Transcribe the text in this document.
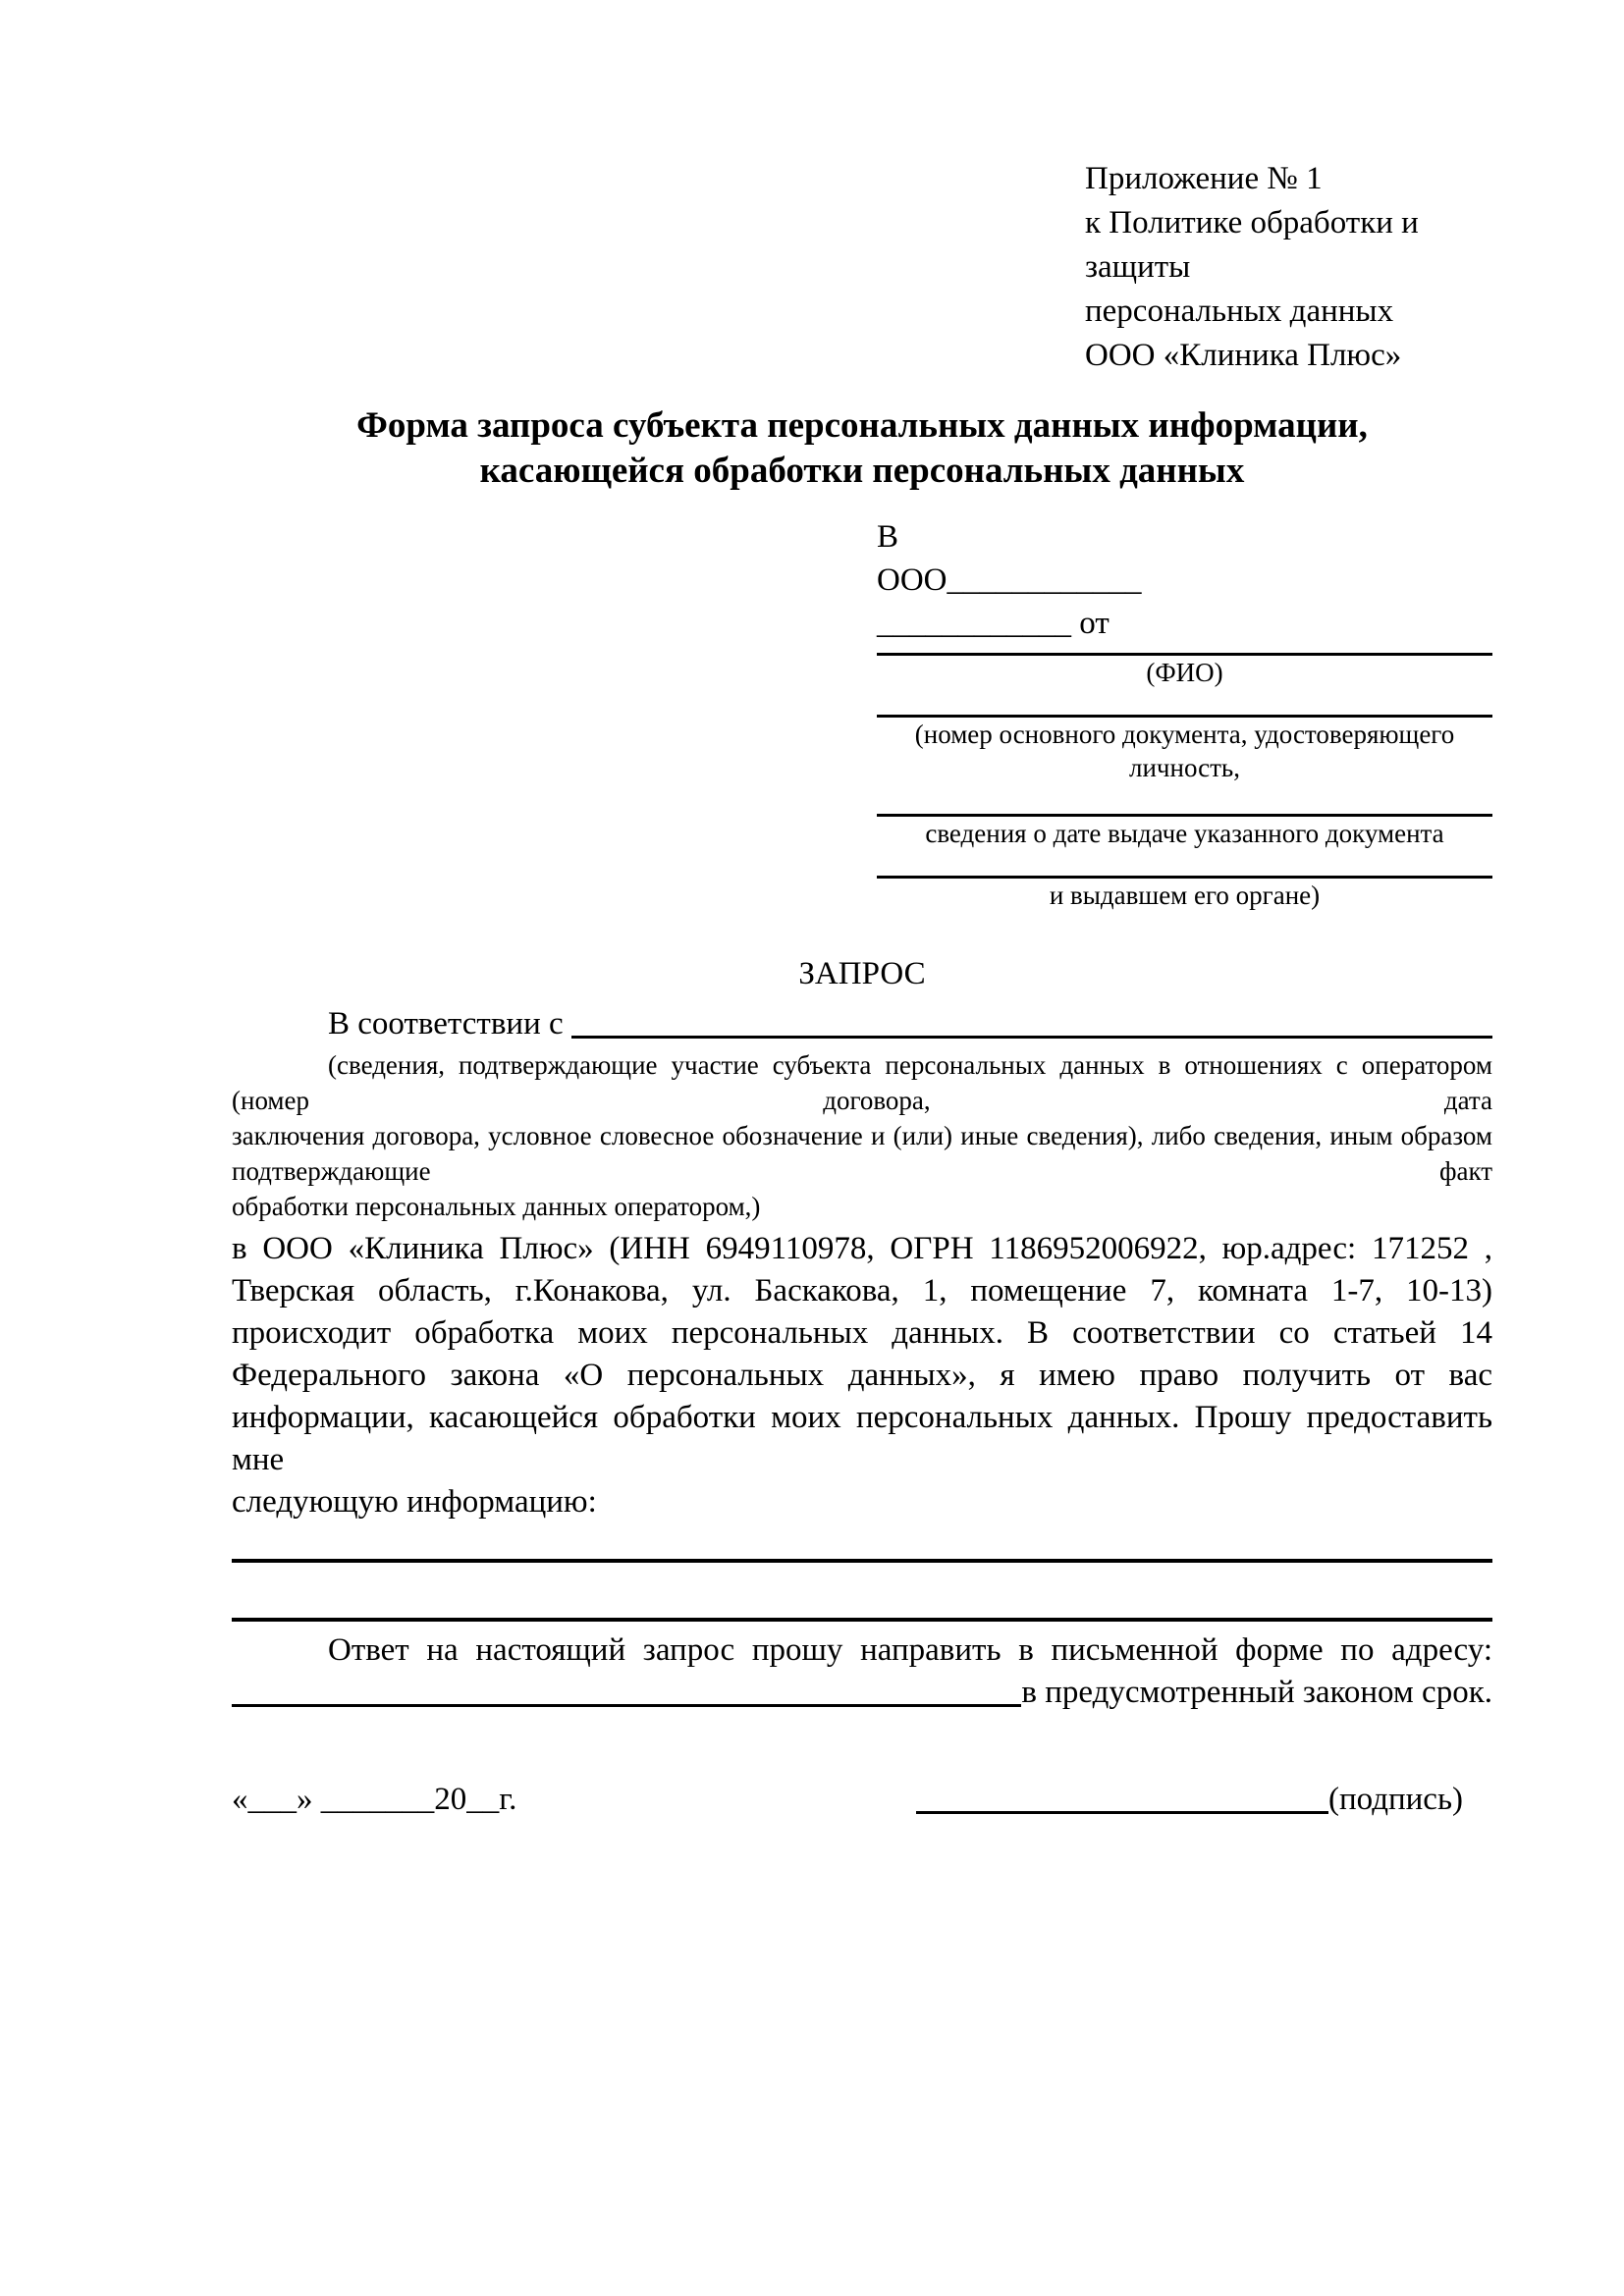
Приложение № 1
к Политике обработки и защиты
персональных данных
ООО «Клиника Плюс»
Форма запроса субъекта персональных данных информации,
касающейся обработки персональных данных
В
ООО____________
____________ от
(ФИО)
(номер основного документа, удостоверяющего личность,
сведения о дате выдаче указанного документа
и выдавшем его органе)
ЗАПРОС
В соответствии с
(сведения, подтверждающие участие субъекта персональных данных в отношениях с оператором (номер договора, дата
заключения договора, условное словесное обозначение и (или) иные сведения), либо сведения, иным образом подтверждающие факт
обработки персональных данных оператором,)
в ООО «Клиника Плюс» (ИНН 6949110978, ОГРН 1186952006922, юр.адрес: 171252 ,
Тверская область, г.Конакова, ул. Баскакова, 1, помещение 7, комната 1-7, 10-13)
происходит обработка моих персональных данных. В соответствии со статьей 14
Федерального закона «О персональных данных», я имею право получить от вас
информации, касающейся обработки моих персональных данных. Прошу предоставить мне
следующую информацию:
Ответ на настоящий запрос прошу направить в письменной форме по адресу:
в предусмотренный законом срок.
«___» _______20__г.	(подпись)
